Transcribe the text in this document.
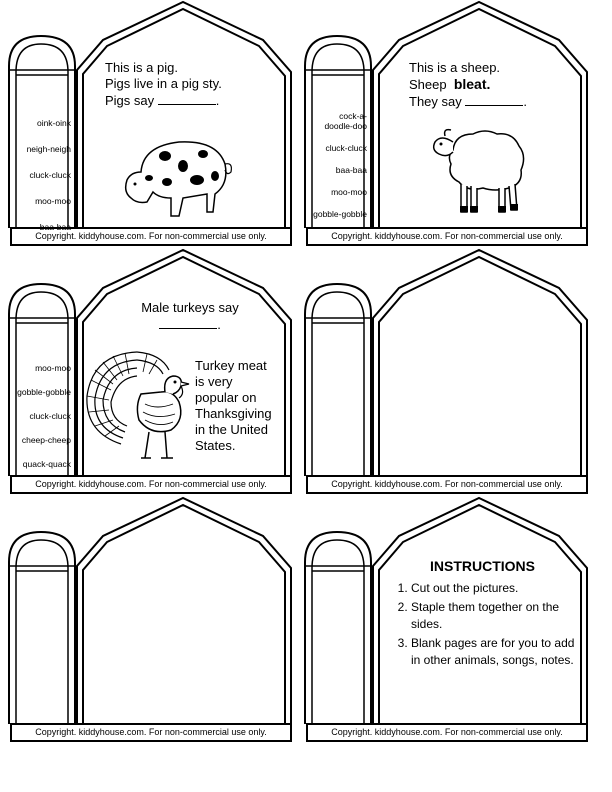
This is a pig.
Pigs live in a pig sty.
Pigs say	.
oink-oink
neigh-neigh
cluck-cluck
moo-moo
baa-baa
Copyright. kiddyhouse.com. For non-commercial use only.
This is a sheep.
Sheep bleat.
They say	.
cock-a-doodle-doo
cluck-cluck
baa-baa
moo-moo
gobble-gobble
Copyright. kiddyhouse.com. For non-commercial use only.
Male turkeys say
.
moo-moo
gobble-gobble
cluck-cluck
cheep-cheep
quack-quack
Turkey meat
is very
popular on
Thanksgiving
in the United
States.
Copyright. kiddyhouse.com. For non-commercial use only.	Copyright. kiddyhouse.com. For non-commercial use only.
Copyright. kiddyhouse.com. For non-commercial use only.
INSTRUCTIONS
1. Cut out the pictures.
2. Staple them together on the sides.
3. Blank pages are for you to add in other animals, songs, notes.
Copyright. kiddyhouse.com. For non-commercial use only.
